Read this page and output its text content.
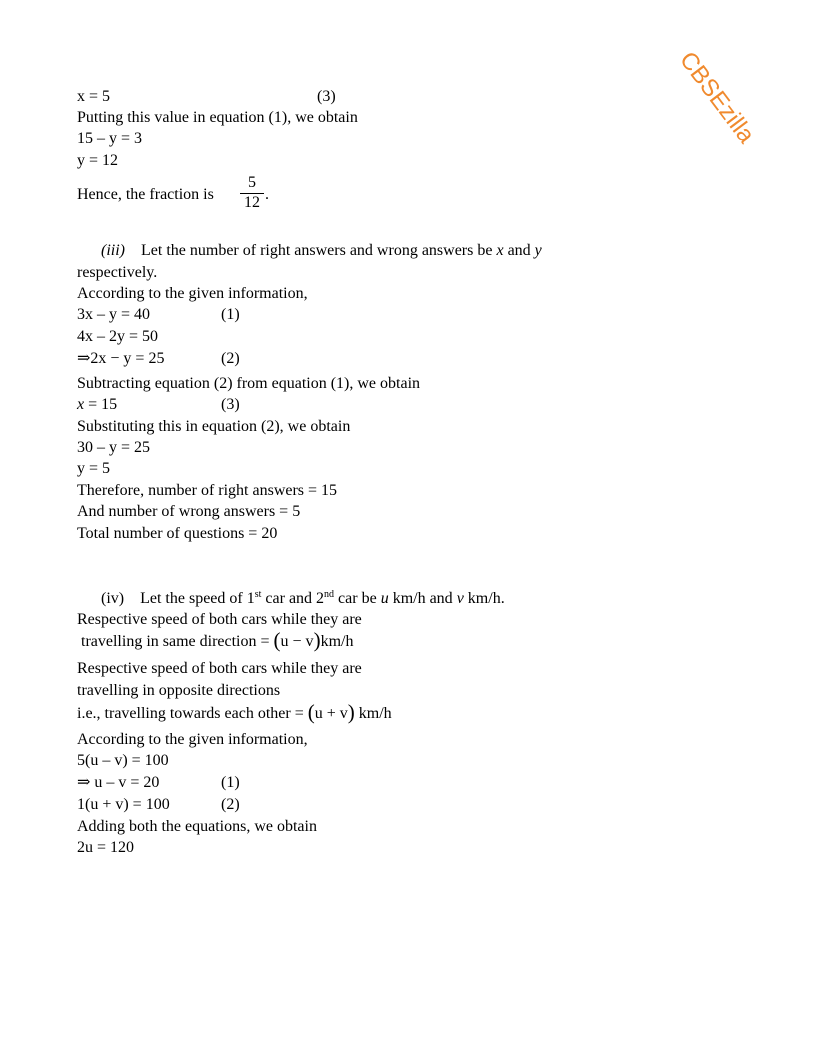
CBSEzilla
x = 5	(3)
Putting this value in equation (1), we obtain
15 – y = 3
y = 12
Hence, the fraction is $\frac{5}{12}$ .
(iii) Let the number of right answers and wrong answers be x and y
respectively.
According to the given information,
3x – y = 40	(1)
4x – 2y = 50
⇒2x − y = 25	(2)
Subtracting equation (2) from equation (1), we obtain
x = 15	(3)
Substituting this in equation (2), we obtain
30 – y = 25
y = 5
Therefore, number of right answers = 15
And number of wrong answers = 5
Total number of questions = 20
(iv) Let the speed of 1st car and 2nd car be u km/h and v km/h.
Respective speed of both cars while they are
travelling in same direction = (u − v)km/h
Respective speed of both cars while they are
travelling in opposite directions
i.e., travelling towards each other = (u + v) km/h
According to the given information,
5(u – v) = 100
⇒ u – v = 20	(1)
1(u + v) = 100	(2)
Adding both the equations, we obtain
2u = 120
